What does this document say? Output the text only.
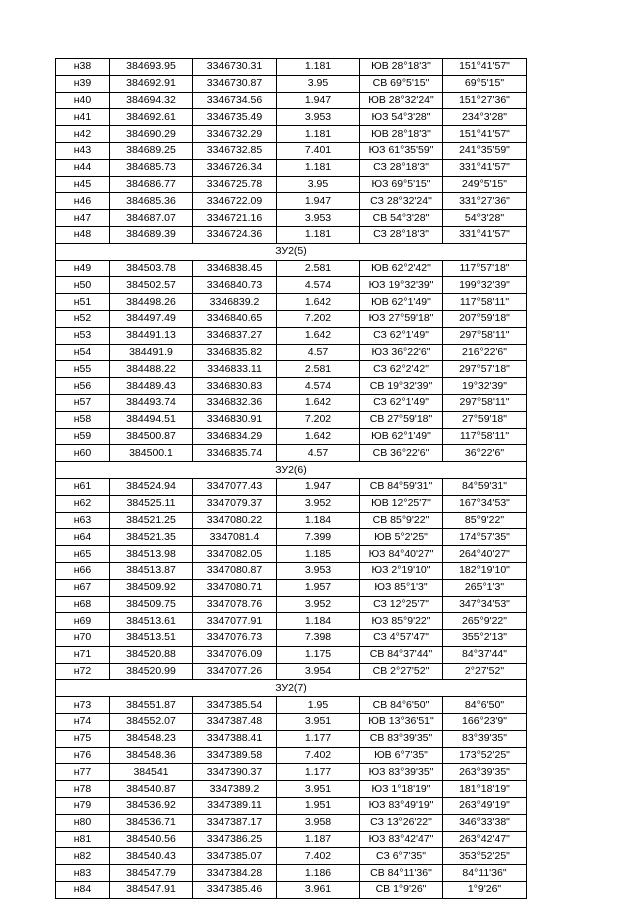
н38	384693.95	3346730.31	1.181	ЮВ 28°18'3"	151°41'57"
н39	384692.91	3346730.87	3.95	СВ 69°5'15"	69°5'15"
н40	384694.32	3346734.56	1.947	ЮВ 28°32'24"	151°27'36"
н41	384692.61	3346735.49	3.953	ЮЗ 54°3'28"	234°3'28"
н42	384690.29	3346732.29	1.181	ЮВ 28°18'3"	151°41'57"
н43	384689.25	3346732.85	7.401	ЮЗ 61°35'59"	241°35'59"
н44	384685.73	3346726.34	1.181	СЗ 28°18'3"	331°41'57"
н45	384686.77	3346725.78	3.95	ЮЗ 69°5'15"	249°5'15"
н46	384685.36	3346722.09	1.947	СЗ 28°32'24"	331°27'36"
н47	384687.07	3346721.16	3.953	СВ 54°3'28"	54°3'28"
н48	384689.39	3346724.36	1.181	СЗ 28°18'3"	331°41'57"
ЗУ2(5)					
н49	384503.78	3346838.45	2.581	ЮВ 62°2'42"	117°57'18"
н50	384502.57	3346840.73	4.574	ЮЗ 19°32'39"	199°32'39"
н51	384498.26	3346839.2	1.642	ЮВ 62°1'49"	117°58'11"
н52	384497.49	3346840.65	7.202	ЮЗ 27°59'18"	207°59'18"
н53	384491.13	3346837.27	1.642	СЗ 62°1'49"	297°58'11"
н54	384491.9	3346835.82	4.57	ЮЗ 36°22'6"	216°22'6"
н55	384488.22	3346833.11	2.581	СЗ 62°2'42"	297°57'18"
н56	384489.43	3346830.83	4.574	СВ 19°32'39"	19°32'39"
н57	384493.74	3346832.36	1.642	СЗ 62°1'49"	297°58'11"
н58	384494.51	3346830.91	7.202	СВ 27°59'18"	27°59'18"
н59	384500.87	3346834.29	1.642	ЮВ 62°1'49"	117°58'11"
н60	384500.1	3346835.74	4.57	СВ 36°22'6"	36°22'6"
ЗУ2(6)					
н61	384524.94	3347077.43	1.947	СВ 84°59'31"	84°59'31"
н62	384525.11	3347079.37	3.952	ЮВ 12°25'7"	167°34'53"
н63	384521.25	3347080.22	1.184	СВ 85°9'22"	85°9'22"
н64	384521.35	3347081.4	7.399	ЮВ 5°2'25"	174°57'35"
н65	384513.98	3347082.05	1.185	ЮЗ 84°40'27"	264°40'27"
н66	384513.87	3347080.87	3.953	ЮЗ 2°19'10"	182°19'10"
н67	384509.92	3347080.71	1.957	ЮЗ 85°1'3"	265°1'3"
н68	384509.75	3347078.76	3.952	СЗ 12°25'7"	347°34'53"
н69	384513.61	3347077.91	1.184	ЮЗ 85°9'22"	265°9'22"
н70	384513.51	3347076.73	7.398	СЗ 4°57'47"	355°2'13"
н71	384520.88	3347076.09	1.175	СВ 84°37'44"	84°37'44"
н72	384520.99	3347077.26	3.954	СВ 2°27'52"	2°27'52"
ЗУ2(7)					
н73	384551.87	3347385.54	1.95	СВ 84°6'50"	84°6'50"
н74	384552.07	3347387.48	3.951	ЮВ 13°36'51"	166°23'9"
н75	384548.23	3347388.41	1.177	СВ 83°39'35"	83°39'35"
н76	384548.36	3347389.58	7.402	ЮВ 6°7'35"	173°52'25"
н77	384541	3347390.37	1.177	ЮЗ 83°39'35"	263°39'35"
н78	384540.87	3347389.2	3.951	ЮЗ 1°18'19"	181°18'19"
н79	384536.92	3347389.11	1.951	ЮЗ 83°49'19"	263°49'19"
н80	384536.71	3347387.17	3.958	СЗ 13°26'22"	346°33'38"
н81	384540.56	3347386.25	1.187	ЮЗ 83°42'47"	263°42'47"
н82	384540.43	3347385.07	7.402	СЗ 6°7'35"	353°52'25"
н83	384547.79	3347384.28	1.186	СВ 84°11'36"	84°11'36"
н84	384547.91	3347385.46	3.961	СВ 1°9'26"	1°9'26"
